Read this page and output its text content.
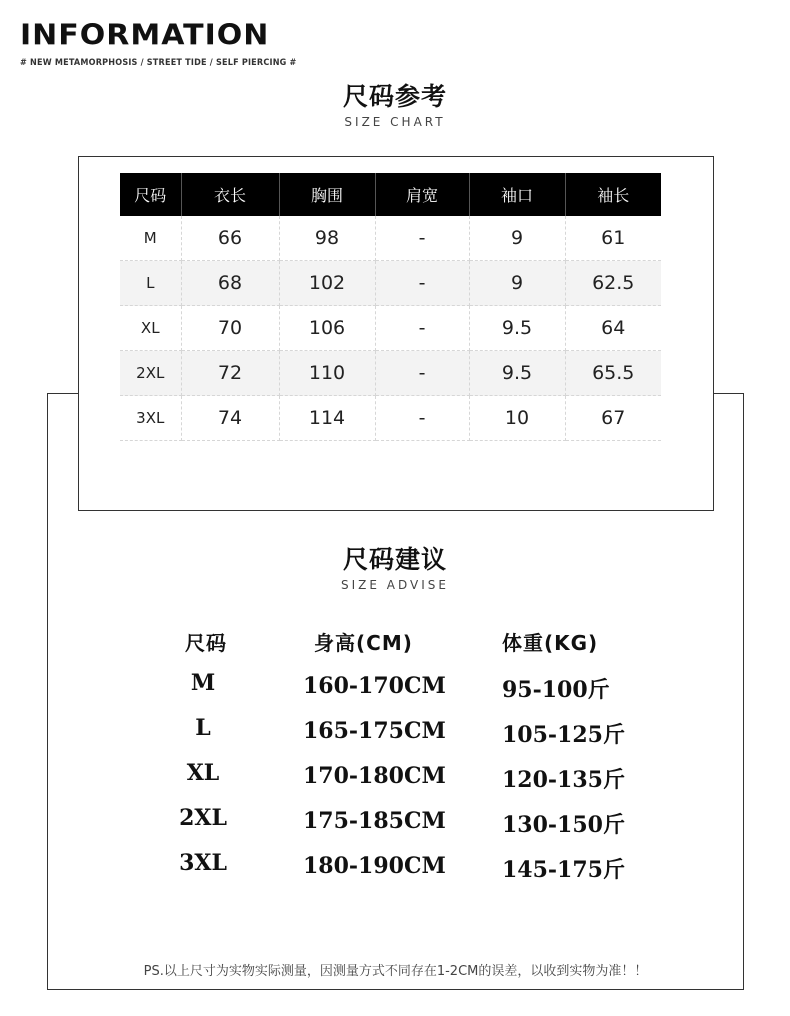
INFORMATION
# NEW METAMORPHOSIS / STREET TIDE / SELF PIERCING #
尺码参考
SIZE CHART
尺码	衣长	胸围	肩宽	袖口	袖长
M	66	98	-	9	61
L	68	102	-	9	62.5
XL	70	106	-	9.5	64
2XL	72	110	-	9.5	65.5
3XL	74	114	-	10	67
尺码建议
SIZE ADVISE
尺码	身高(CM)	体重(KG)
M	160-170CM	95-100斤
L	165-175CM	105-125斤
XL	170-180CM	120-135斤
2XL	175-185CM	130-150斤
3XL	180-190CM	145-175斤
PS.以上尺寸为实物实际测量，因测量方式不同存在1-2CM的误差，以收到实物为准！！
